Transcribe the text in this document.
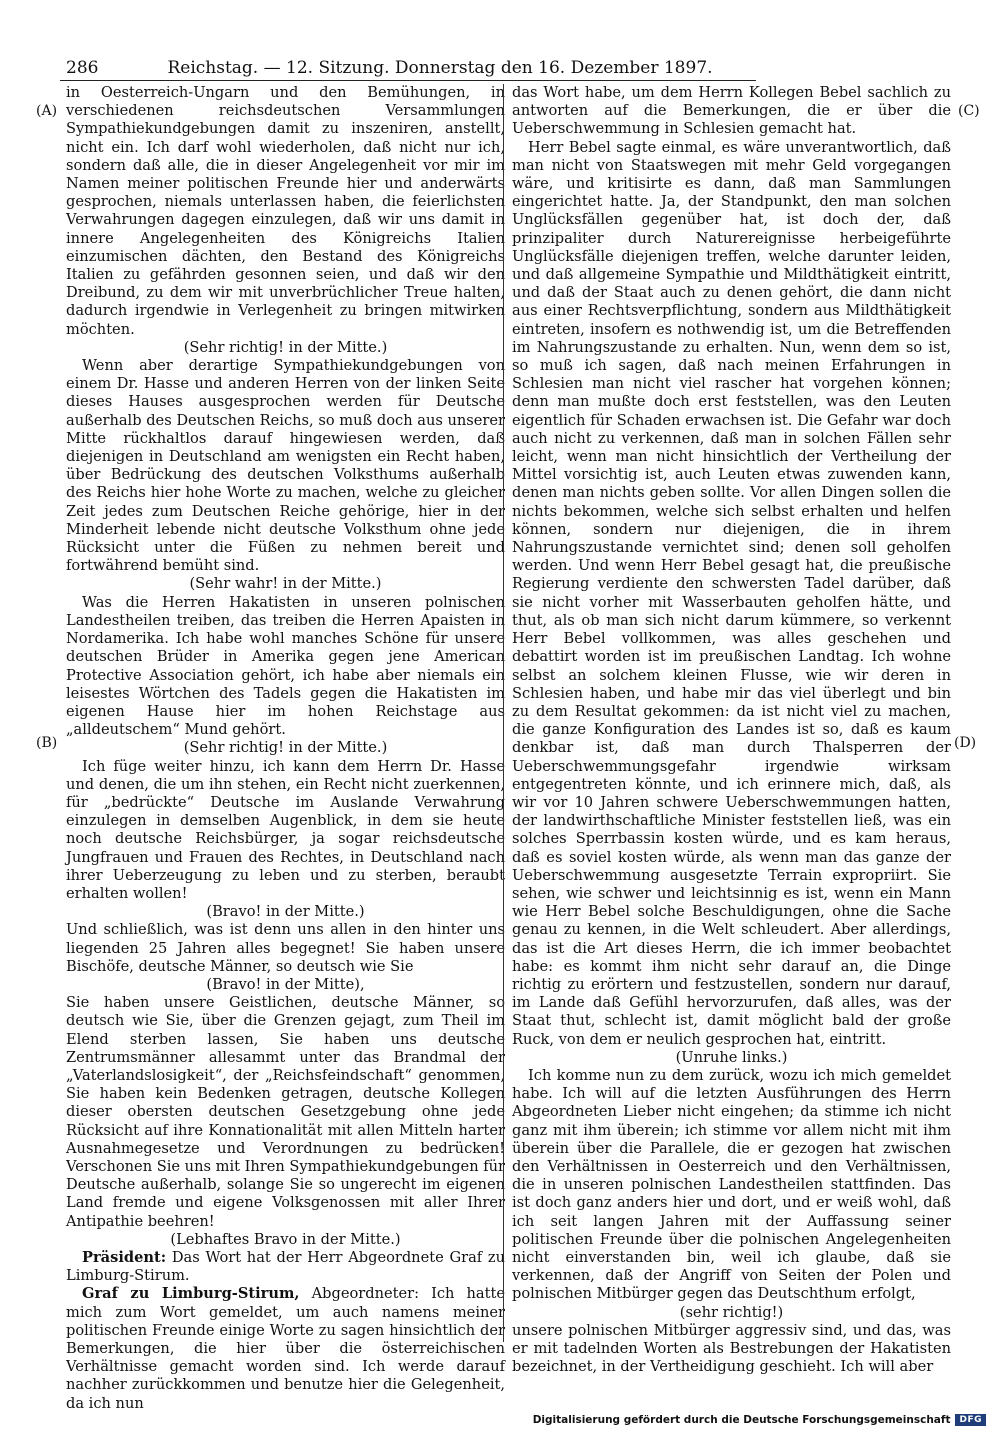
286	Reichstag. — 12. Sitzung. Donnerstag den 16. Dezember 1897.
(A)
(B)
(C)
(D)

in Oesterreich-Ungarn und den Bemühungen, in verschiedenen reichsdeutschen Versammlungen Sympathiekundgebungen damit zu inszeniren, anstellt, nicht ein. Ich darf wohl wiederholen, daß nicht nur ich, sondern daß alle, die in dieser Angelegenheit vor mir im Namen meiner politischen Freunde hier und anderwärts gesprochen, niemals unterlassen haben, die feierlichsten Verwahrungen dagegen einzulegen, daß wir uns damit in innere Angelegenheiten des Königreichs Italien einzumischen dächten, den Bestand des Königreichs Italien zu gefährden gesonnen seien, und daß wir den Dreibund, zu dem wir mit unverbrüchlicher Treue halten, dadurch irgendwie in Verlegenheit zu bringen mitwirken möchten.

(Sehr richtig! in der Mitte.)

Wenn aber derartige Sympathiekundgebungen von einem Dr. Hasse und anderen Herren von der linken Seite dieses Hauses ausgesprochen werden für Deutsche außerhalb des Deutschen Reichs, so muß doch aus unserer Mitte rückhaltlos darauf hingewiesen werden, daß diejenigen in Deutschland am wenigsten ein Recht haben, über Bedrückung des deutschen Volksthums außerhalb des Reichs hier hohe Worte zu machen, welche zu gleicher Zeit jedes zum Deutschen Reiche gehörige, hier in der Minderheit lebende nicht deutsche Volksthum ohne jede Rücksicht unter die Füßen zu nehmen bereit und fortwährend bemüht sind.

(Sehr wahr! in der Mitte.)

Was die Herren Hakatisten in unseren polnischen Landestheilen treiben, das treiben die Herren Apaisten in Nordamerika. Ich habe wohl manches Schöne für unsere deutschen Brüder in Amerika gegen jene American Protective Association gehört, ich habe aber niemals ein leisestes Wörtchen des Tadels gegen die Hakatisten im eigenen Hause hier im hohen Reichstage aus „alldeutschem“ Mund gehört.

(Sehr richtig! in der Mitte.)

Ich füge weiter hinzu, ich kann dem Herrn Dr. Hasse und denen, die um ihn stehen, ein Recht nicht zuerkennen, für „bedrückte“ Deutsche im Auslande Verwahrung einzulegen in demselben Augenblick, in dem sie heute noch deutsche Reichsbürger, ja sogar reichsdeutsche Jungfrauen und Frauen des Rechtes, in Deutschland nach ihrer Ueberzeugung zu leben und zu sterben, beraubt erhalten wollen!

(Bravo! in der Mitte.)

Und schließlich, was ist denn uns allen in den hinter uns liegenden 25 Jahren alles begegnet! Sie haben unsere Bischöfe, deutsche Männer, so deutsch wie Sie

(Bravo! in der Mitte),

Sie haben unsere Geistlichen, deutsche Männer, so deutsch wie Sie, über die Grenzen gejagt, zum Theil im Elend sterben lassen, Sie haben uns deutsche Zentrumsmänner allesammt unter das Brandmal der „Vaterlandslosigkeit“, der „Reichsfeindschaft“ genommen, Sie haben kein Bedenken getragen, deutsche Kollegen dieser obersten deutschen Gesetzgebung ohne jede Rücksicht auf ihre Konnationalität mit allen Mitteln harter Ausnahmegesetze und Verordnungen zu bedrücken! Verschonen Sie uns mit Ihren Sympathiekundgebungen für Deutsche außerhalb, solange Sie so ungerecht im eigenen Land fremde und eigene Volksgenossen mit aller Ihrer Antipathie beehren!

(Lebhaftes Bravo in der Mitte.)

Präsident: Das Wort hat der Herr Abgeordnete Graf zu Limburg-Stirum.

Graf zu Limburg-Stirum, Abgeordneter: Ich hatte mich zum Wort gemeldet, um auch namens meiner politischen Freunde einige Worte zu sagen hinsichtlich der Bemerkungen, die hier über die österreichischen Verhältnisse gemacht worden sind. Ich werde darauf nachher zurückkommen und benutze hier die Gelegenheit, da ich nun

das Wort habe, um dem Herrn Kollegen Bebel sachlich zu antworten auf die Bemerkungen, die er über die Ueberschwemmung in Schlesien gemacht hat.

Herr Bebel sagte einmal, es wäre unverantwortlich, daß man nicht von Staatswegen mit mehr Geld vorgegangen wäre, und kritisirte es dann, daß man Sammlungen eingerichtet hatte. Ja, der Standpunkt, den man solchen Unglücksfällen gegenüber hat, ist doch der, daß prinzipaliter durch Naturereignisse herbeigeführte Unglücksfälle diejenigen treffen, welche darunter leiden, und daß allgemeine Sympathie und Mildthätigkeit eintritt, und daß der Staat auch zu denen gehört, die dann nicht aus einer Rechtsverpflichtung, sondern aus Mildthätigkeit eintreten, insofern es nothwendig ist, um die Betreffenden im Nahrungszustande zu erhalten. Nun, wenn dem so ist, so muß ich sagen, daß nach meinen Erfahrungen in Schlesien man nicht viel rascher hat vorgehen können; denn man mußte doch erst feststellen, was den Leuten eigentlich für Schaden erwachsen ist. Die Gefahr war doch auch nicht zu verkennen, daß man in solchen Fällen sehr leicht, wenn man nicht hinsichtlich der Vertheilung der Mittel vorsichtig ist, auch Leuten etwas zuwenden kann, denen man nichts geben sollte. Vor allen Dingen sollen die nichts bekommen, welche sich selbst erhalten und helfen können, sondern nur diejenigen, die in ihrem Nahrungszustande vernichtet sind; denen soll geholfen werden. Und wenn Herr Bebel gesagt hat, die preußische Regierung verdiente den schwersten Tadel darüber, daß sie nicht vorher mit Wasserbauten geholfen hätte, und thut, als ob man sich nicht darum kümmere, so verkennt Herr Bebel vollkommen, was alles geschehen und debattirt worden ist im preußischen Landtag. Ich wohne selbst an solchem kleinen Flusse, wie wir deren in Schlesien haben, und habe mir das viel überlegt und bin zu dem Resultat gekommen: da ist nicht viel zu machen, die ganze Konfiguration des Landes ist so, daß es kaum denkbar ist, daß man durch Thalsperren der Ueberschwemmungsgefahr irgendwie wirksam entgegentreten könnte, und ich erinnere mich, daß, als wir vor 10 Jahren schwere Ueberschwemmungen hatten, der landwirthschaftliche Minister feststellen ließ, was ein solches Sperrbassin kosten würde, und es kam heraus, daß es soviel kosten würde, als wenn man das ganze der Ueberschwemmung ausgesetzte Terrain expropriirt. Sie sehen, wie schwer und leichtsinnig es ist, wenn ein Mann wie Herr Bebel solche Beschuldigungen, ohne die Sache genau zu kennen, in die Welt schleudert. Aber allerdings, das ist die Art dieses Herrn, die ich immer beobachtet habe: es kommt ihm nicht sehr darauf an, die Dinge richtig zu erörtern und festzustellen, sondern nur darauf, im Lande daß Gefühl hervorzurufen, daß alles, was der Staat thut, schlecht ist, damit möglicht bald der große Ruck, von dem er neulich gesprochen hat, eintritt.

(Unruhe links.)

Ich komme nun zu dem zurück, wozu ich mich gemeldet habe. Ich will auf die letzten Ausführungen des Herrn Abgeordneten Lieber nicht eingehen; da stimme ich nicht ganz mit ihm überein; ich stimme vor allem nicht mit ihm überein über die Parallele, die er gezogen hat zwischen den Verhältnissen in Oesterreich und den Verhältnissen, die in unseren polnischen Landestheilen stattfinden. Das ist doch ganz anders hier und dort, und er weiß wohl, daß ich seit langen Jahren mit der Auffassung seiner politischen Freunde über die polnischen Angelegenheiten nicht einverstanden bin, weil ich glaube, daß sie verkennen, daß der Angriff von Seiten der Polen und polnischen Mitbürger gegen das Deutschthum erfolgt,

(sehr richtig!)

unsere polnischen Mitbürger aggressiv sind, und das, was er mit tadelnden Worten als Bestrebungen der Hakatisten bezeichnet, in der Vertheidigung geschieht. Ich will aber

Digitalisierung gefördert durch die Deutsche Forschungsgemeinschaft	DFG
